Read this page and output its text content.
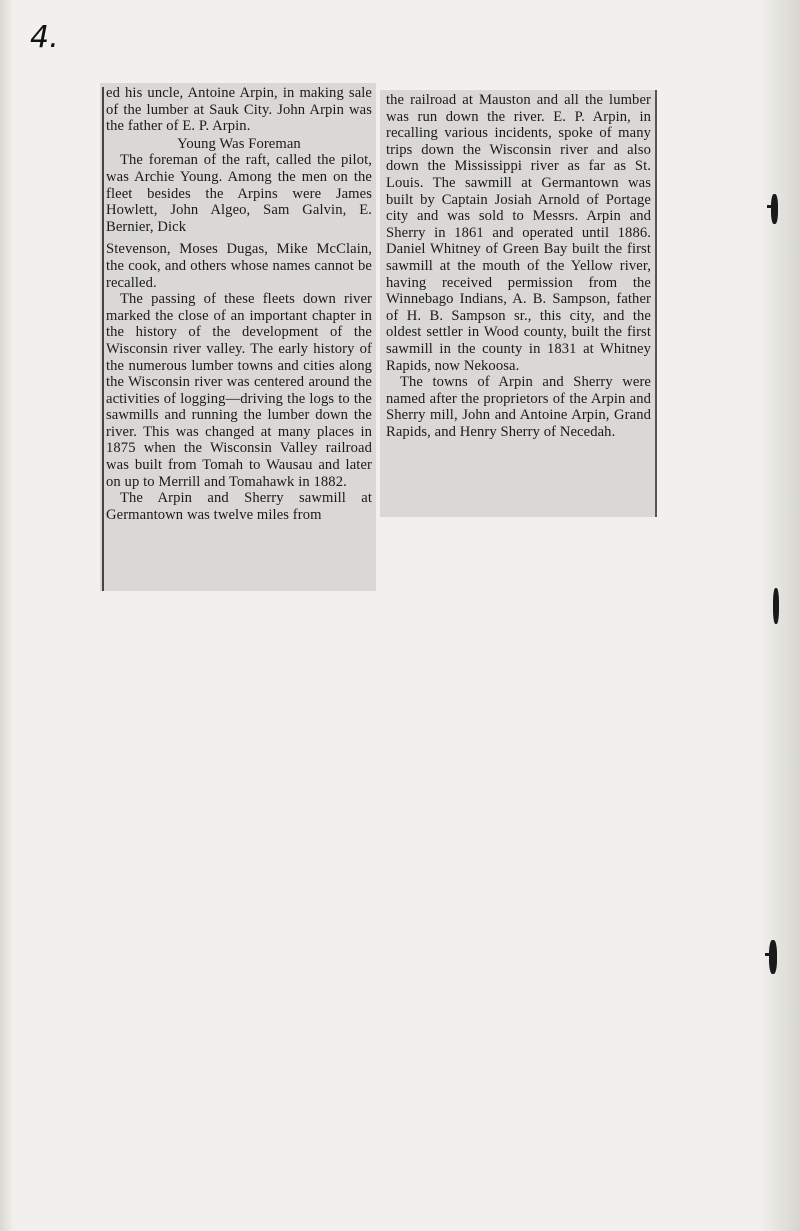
4.

ed his uncle, Antoine Arpin, in making sale of the lumber at Sauk City. John Arpin was the father of E. P. Arpin.

Young Was Foreman

The foreman of the raft, called the pilot, was Archie Young. Among the men on the fleet besides the Arpins were James Howlett, John Algeo, Sam Galvin, E. Bernier, Dick

Stevenson, Moses Dugas, Mike McClain, the cook, and others whose names cannot be recalled.

The passing of these fleets down river marked the close of an important chapter in the history of the development of the Wisconsin river valley. The early history of the numerous lumber towns and cities along the Wisconsin river was centered around the activities of logging—driving the logs to the sawmills and running the lumber down the river. This was changed at many places in 1875 when the Wisconsin Valley railroad was built from Tomah to Wausau and later on up to Merrill and Tomahawk in 1882.

The Arpin and Sherry sawmill at Germantown was twelve miles from

the railroad at Mauston and all the lumber was run down the river. E. P. Arpin, in recalling various incidents, spoke of many trips down the Wisconsin river and also down the Mississippi river as far as St. Louis. The sawmill at Germantown was built by Captain Josiah Arnold of Portage city and was sold to Messrs. Arpin and Sherry in 1861 and operated until 1886. Daniel Whitney of Green Bay built the first sawmill at the mouth of the Yellow river, having received permission from the Winnebago Indians, A. B. Sampson, father of H. B. Sampson sr., this city, and the oldest settler in Wood county, built the first sawmill in the county in 1831 at Whitney Rapids, now Nekoosa.

The towns of Arpin and Sherry were named after the proprietors of the Arpin and Sherry mill, John and Antoine Arpin, Grand Rapids, and Henry Sherry of Necedah.
